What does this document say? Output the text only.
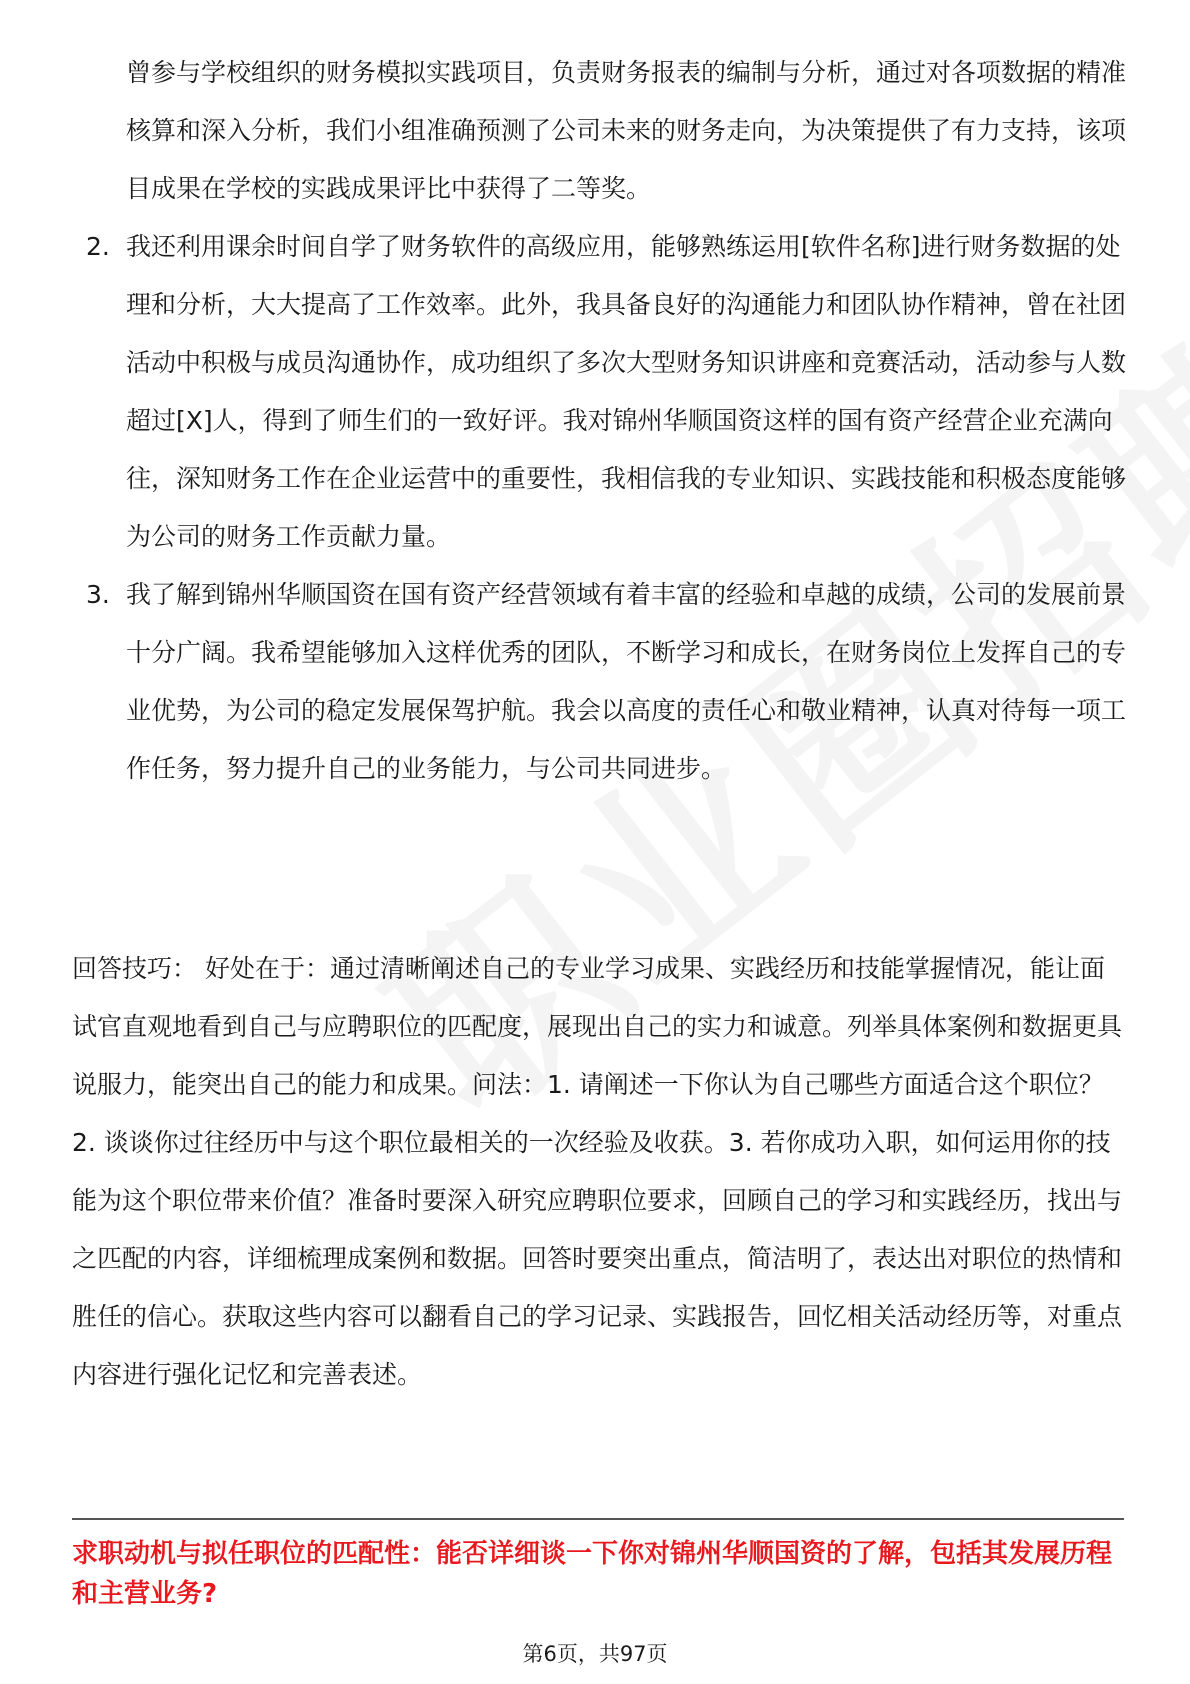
曾参与学校组织的财务模拟实践项目，负责财务报表的编制与分析，通过对各项数据的精准核算和深入分析，我们小组准确预测了公司未来的财务走向，为决策提供了有力支持，该项目成果在学校的实践成果评比中获得了二等奖。
2. 我还利用课余时间自学了财务软件的高级应用，能够熟练运用[软件名称]进行财务数据的处理和分析，大大提高了工作效率。此外，我具备良好的沟通能力和团队协作精神，曾在社团活动中积极与成员沟通协作，成功组织了多次大型财务知识讲座和竞赛活动，活动参与人数超过[X]人，得到了师生们的一致好评。我对锦州华顺国资这样的国有资产经营企业充满向往，深知财务工作在企业运营中的重要性，我相信我的专业知识、实践技能和积极态度能够为公司的财务工作贡献力量。
3. 我了解到锦州华顺国资在国有资产经营领域有着丰富的经验和卓越的成绩，公司的发展前景十分广阔。我希望能够加入这样优秀的团队，不断学习和成长，在财务岗位上发挥自己的专业优势，为公司的稳定发展保驾护航。我会以高度的责任心和敬业精神，认真对待每一项工作任务，努力提升自己的业务能力，与公司共同进步。

回答技巧： 好处在于：通过清晰阐述自己的专业学习成果、实践经历和技能掌握情况，能让面试官直观地看到自己与应聘职位的匹配度，展现出自己的实力和诚意。列举具体案例和数据更具说服力，能突出自己的能力和成果。问法：1. 请阐述一下你认为自己哪些方面适合这个职位？2. 谈谈你过往经历中与这个职位最相关的一次经验及收获。3. 若你成功入职，如何运用你的技能为这个职位带来价值？准备时要深入研究应聘职位要求，回顾自己的学习和实践经历，找出与之匹配的内容，详细梳理成案例和数据。回答时要突出重点，简洁明了，表达出对职位的热情和胜任的信心。获取这些内容可以翻看自己的学习记录、实践报告，回忆相关活动经历等，对重点内容进行强化记忆和完善表述。

求职动机与拟任职位的匹配性：能否详细谈一下你对锦州华顺国资的了解，包括其发展历程和主营业务?

第6页，共97页
